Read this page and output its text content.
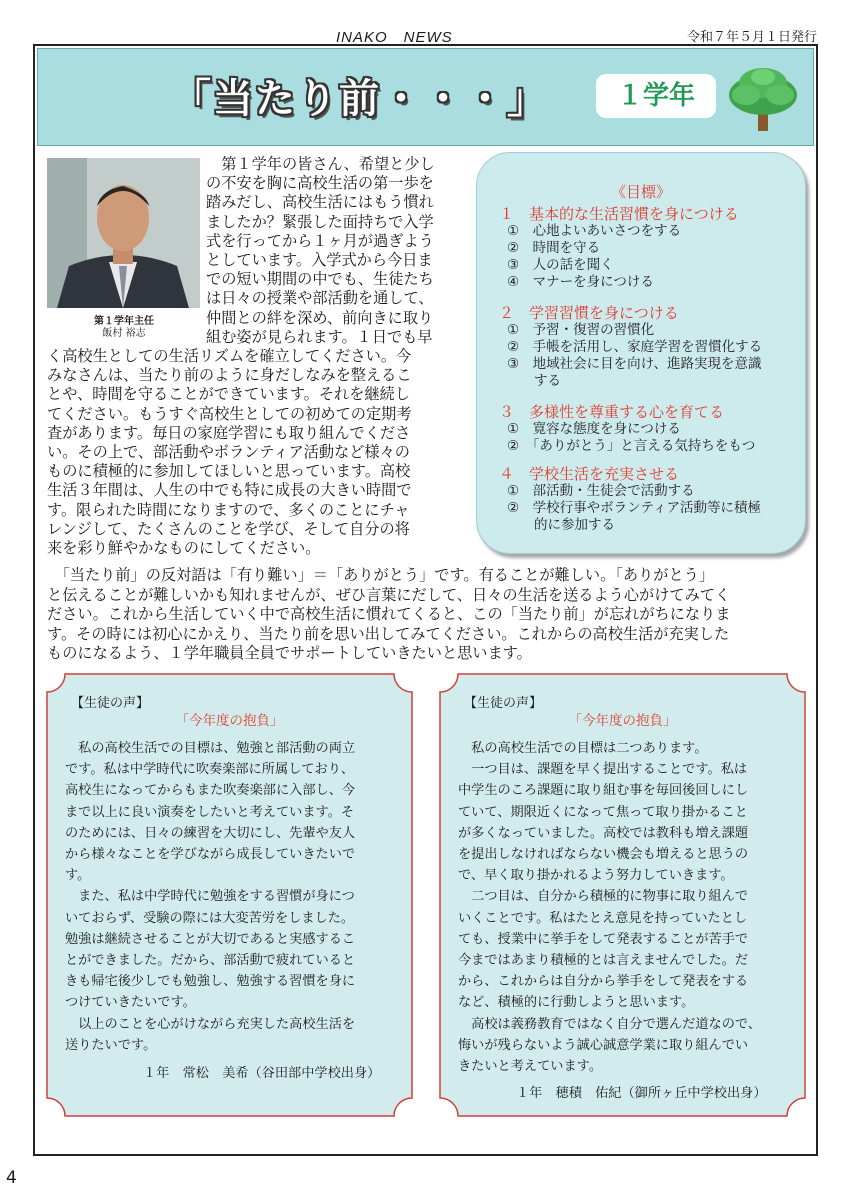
INAKO　NEWS	令和７年５月１日発行
「当たり前・・・」	１学年
第１学年主任
飯村 裕志
　第１学年の皆さん、希望と少し
の不安を胸に高校生活の第一歩を
踏みだし、高校生活にはもう慣れ
ましたか？緊張した面持ちで入学
式を行ってから１ヶ月が過ぎよう
としています。入学式から今日ま
での短い期間の中でも、生徒たち
は日々の授業や部活動を通して、
仲間との絆を深め、前向きに取り
組む姿が見られます。１日でも早
く高校生としての生活リズムを確立してください。今
みなさんは、当たり前のように身だしなみを整えるこ
とや、時間を守ることができています。それを継続し
てください。もうすぐ高校生としての初めての定期考
査があります。毎日の家庭学習にも取り組んでくださ
い。その上で、部活動やボランティア活動など様々の
ものに積極的に参加してほしいと思っています。高校
生活３年間は、人生の中でも特に成長の大きい時間で
す。限られた時間になりますので、多くのことにチャ
レンジして、たくさんのことを学び、そして自分の将
来を彩り鮮やかなものにしてください。
《目標》
１　基本的な生活習慣を身につける
①　心地よいあいさつをする
②　時間を守る
③　人の話を聞く
④　マナーを身につける
２　学習習慣を身につける
①　予習・復習の習慣化
②　手帳を活用し、家庭学習を習慣化する
③　地域社会に目を向け、進路実現を意識
　　する
３　多様性を尊重する心を育てる
①　寛容な態度を身につける
②　「ありがとう」と言える気持ちをもつ
４　学校生活を充実させる
①　部活動・生徒会で活動する
②　学校行事やボランティア活動等に積極
　　的に参加する
　「当たり前」の反対語は「有り難い」＝「ありがとう」です。有ることが難しい。「ありがとう」
と伝えることが難しいかも知れませんが、ぜひ言葉にだして、日々の生活を送るよう心がけてみてく
ださい。これから生活していく中で高校生活に慣れてくると、この「当たり前」が忘れがちになりま
す。その時には初心にかえり、当たり前を思い出してみてください。これからの高校生活が充実した
ものになるよう、１学年職員全員でサポートしていきたいと思います。
【生徒の声】
「今年度の抱負」
　私の高校生活での目標は、勉強と部活動の両立
です。私は中学時代に吹奏楽部に所属しており、
高校生になってからもまた吹奏楽部に入部し、今
まで以上に良い演奏をしたいと考えています。そ
のためには、日々の練習を大切にし、先輩や友人
から様々なことを学びながら成長していきたいで
す。
　また、私は中学時代に勉強をする習慣が身につ
いておらず、受験の際には大変苦労をしました。
勉強は継続させることが大切であると実感するこ
とができました。だから、部活動で疲れていると
きも帰宅後少しでも勉強し、勉強する習慣を身に
つけていきたいです。
　以上のことを心がけながら充実した高校生活を
送りたいです。
１年　常松　美希（谷田部中学校出身）
【生徒の声】
「今年度の抱負」
　私の高校生活での目標は二つあります。
　一つ目は、課題を早く提出することです。私は
中学生のころ課題に取り組む事を毎回後回しにし
ていて、期限近くになって焦って取り掛かること
が多くなっていました。高校では教科も増え課題
を提出しなければならない機会も増えると思うの
で、早く取り掛かれるよう努力していきます。
　二つ目は、自分から積極的に物事に取り組んで
いくことです。私はたとえ意見を持っていたとし
ても、授業中に挙手をして発表することが苦手で
今まではあまり積極的とは言えませんでした。だ
から、これからは自分から挙手をして発表をする
など、積極的に行動しようと思います。
　高校は義務教育ではなく自分で選んだ道なので、
悔いが残らないよう誠心誠意学業に取り組んでい
きたいと考えています。
１年　穂積　佑紀（御所ヶ丘中学校出身）
4
